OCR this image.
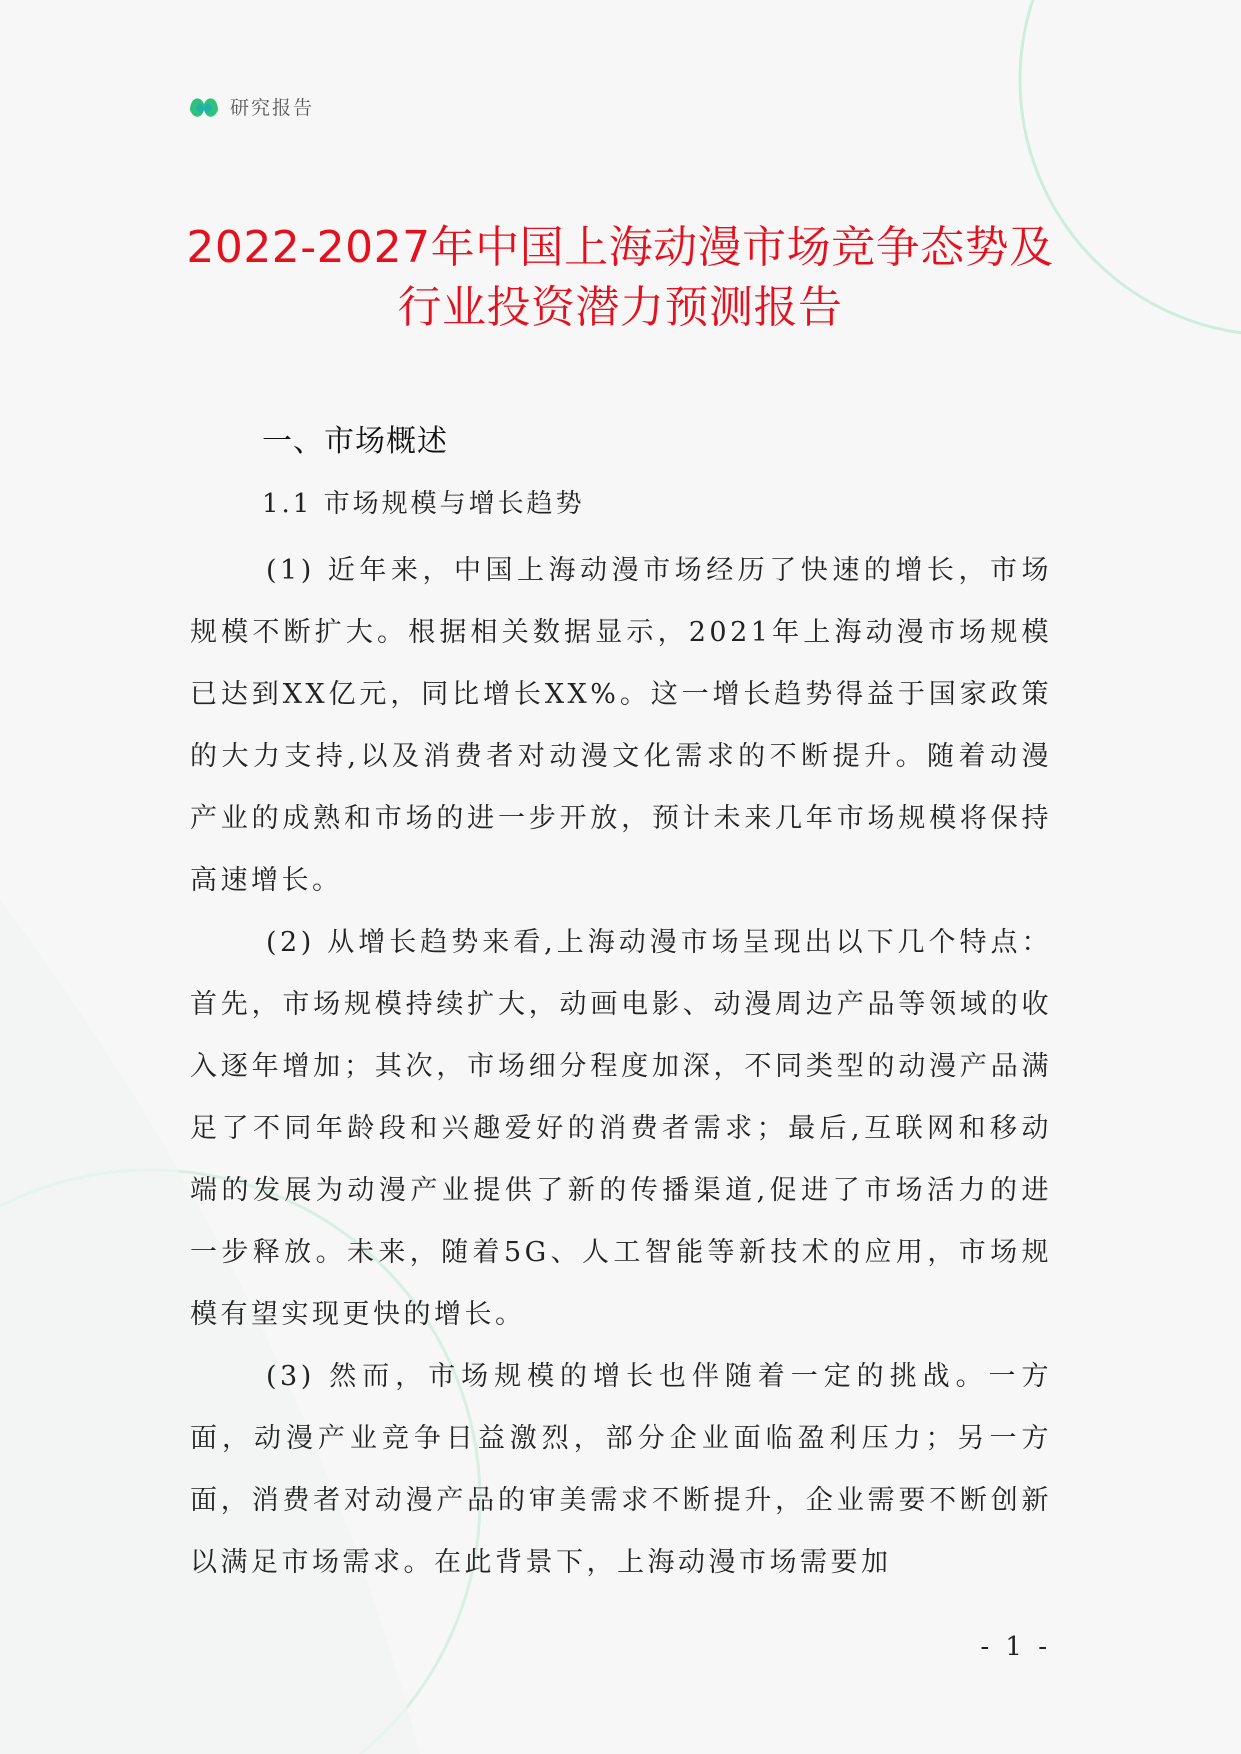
研究报告
2022-2027年中国上海动漫市场竞争态势及
行业投资潜力预测报告
一、市场概述
1.1 市场规模与增长趋势

(1) 近年来，中国上海动漫市场经历了快速的增长，市场规模不断扩大。根据相关数据显示，2021年上海动漫市场规模已达到XX亿元，同比增长XX%。这一增长趋势得益于国家政策的大力支持,以及消费者对动漫文化需求的不断提升。随着动漫产业的成熟和市场的进一步开放，预计未来几年市场规模将保持高速增长。

(2) 从增长趋势来看,上海动漫市场呈现出以下几个特点：首先，市场规模持续扩大，动画电影、动漫周边产品等领域的收入逐年增加；其次，市场细分程度加深，不同类型的动漫产品满足了不同年龄段和兴趣爱好的消费者需求；最后,互联网和移动端的发展为动漫产业提供了新的传播渠道,促进了市场活力的进一步释放。未来，随着5G、人工智能等新技术的应用，市场规模有望实现更快的增长。

(3) 然而，市场规模的增长也伴随着一定的挑战。一方面，动漫产业竞争日益激烈，部分企业面临盈利压力；另一方面，消费者对动漫产品的审美需求不断提升，企业需要不断创新以满足市场需求。在此背景下，上海动漫市场需要加

- 1 -
